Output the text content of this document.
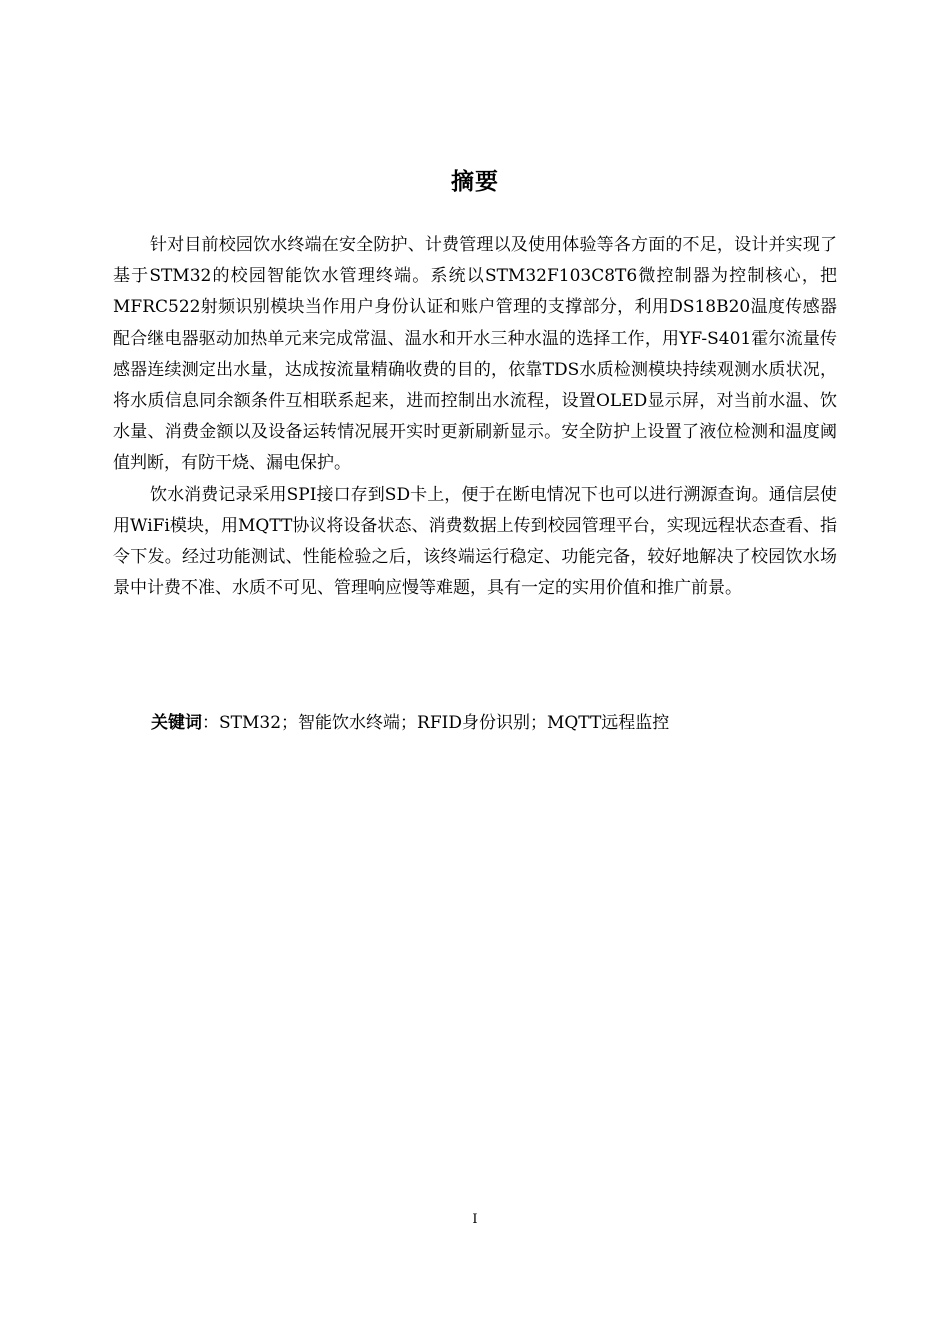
摘要

针对目前校园饮水终端在安全防护、计费管理以及使用体验等各方面的不足，设计并实现了基于STM32的校园智能饮水管理终端。系统以STM32F103C8T6微控制器为控制核心，把MFRC522射频识别模块当作用户身份认证和账户管理的支撑部分，利用DS18B20温度传感器配合继电器驱动加热单元来完成常温、温水和开水三种水温的选择工作，用YF-S401霍尔流量传感器连续测定出水量，达成按流量精确收费的目的，依靠TDS水质检测模块持续观测水质状况，将水质信息同余额条件互相联系起来，进而控制出水流程，设置OLED显示屏，对当前水温、饮水量、消费金额以及设备运转情况展开实时更新刷新显示。安全防护上设置了液位检测和温度阈值判断，有防干烧、漏电保护。

饮水消费记录采用SPI接口存到SD卡上，便于在断电情况下也可以进行溯源查询。通信层使用WiFi模块，用MQTT协议将设备状态、消费数据上传到校园管理平台，实现远程状态查看、指令下发。经过功能测试、性能检验之后，该终端运行稳定、功能完备，较好地解决了校园饮水场景中计费不准、水质不可见、管理响应慢等难题，具有一定的实用价值和推广前景。

关键词：STM32；智能饮水终端；RFID身份识别；MQTT远程监控
I
